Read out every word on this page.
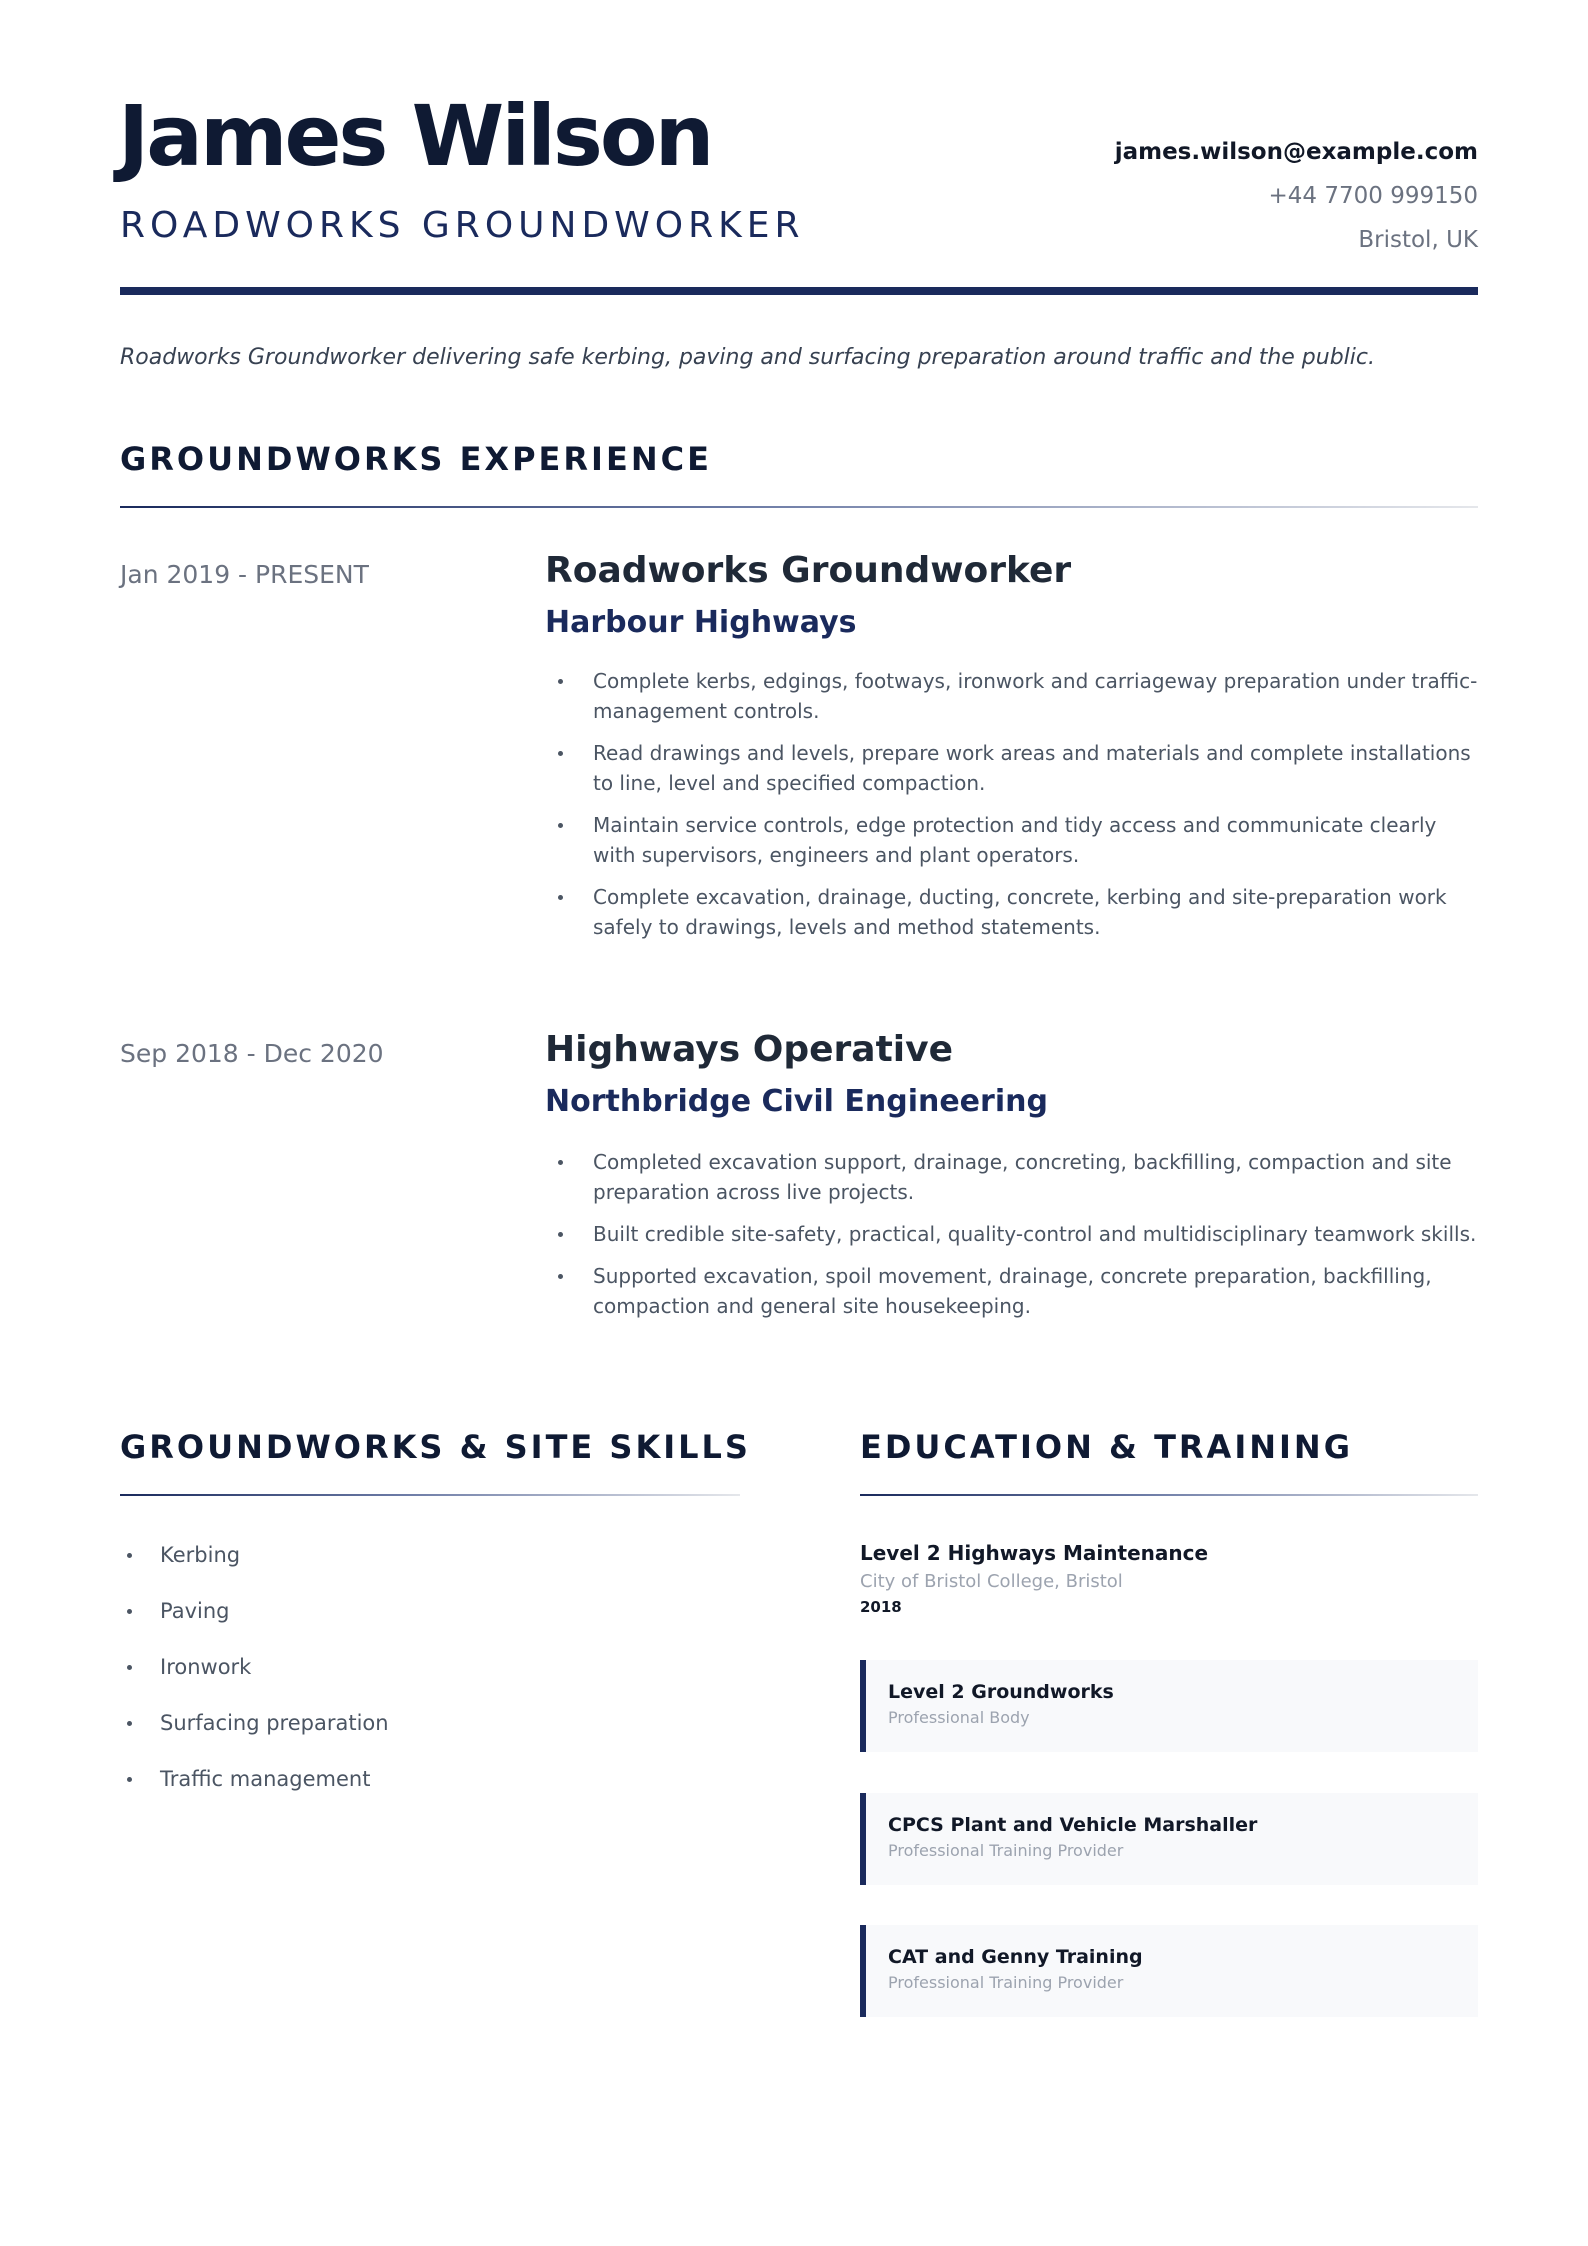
James Wilson
ROADWORKS GROUNDWORKER
james.wilson@example.com
+44 7700 999150
Bristol, UK
Roadworks Groundworker delivering safe kerbing, paving and surfacing preparation around traffic and the public.
GROUNDWORKS EXPERIENCE
Jan 2019 - PRESENT	Roadworks Groundworker
Harbour Highways
Complete kerbs, edgings, footways, ironwork and carriageway preparation under traffic-management controls.
Read drawings and levels, prepare work areas and materials and complete installations to line, level and specified compaction.
Maintain service controls, edge protection and tidy access and communicate clearly with supervisors, engineers and plant operators.
Complete excavation, drainage, ducting, concrete, kerbing and site-preparation work safely to drawings, levels and method statements.
Sep 2018 - Dec 2020	Highways Operative
Northbridge Civil Engineering
Completed excavation support, drainage, concreting, backfilling, compaction and site preparation across live projects.
Built credible site-safety, practical, quality-control and multidisciplinary teamwork skills.
Supported excavation, spoil movement, drainage, concrete preparation, backfilling, compaction and general site housekeeping.
GROUNDWORKS & SITE SKILLS
Kerbing
Paving
Ironwork
Surfacing preparation
Traffic management
EDUCATION & TRAINING
Level 2 Highways Maintenance
City of Bristol College, Bristol
2018
Level 2 Groundworks
Professional Body
CPCS Plant and Vehicle Marshaller
Professional Training Provider
CAT and Genny Training
Professional Training Provider
